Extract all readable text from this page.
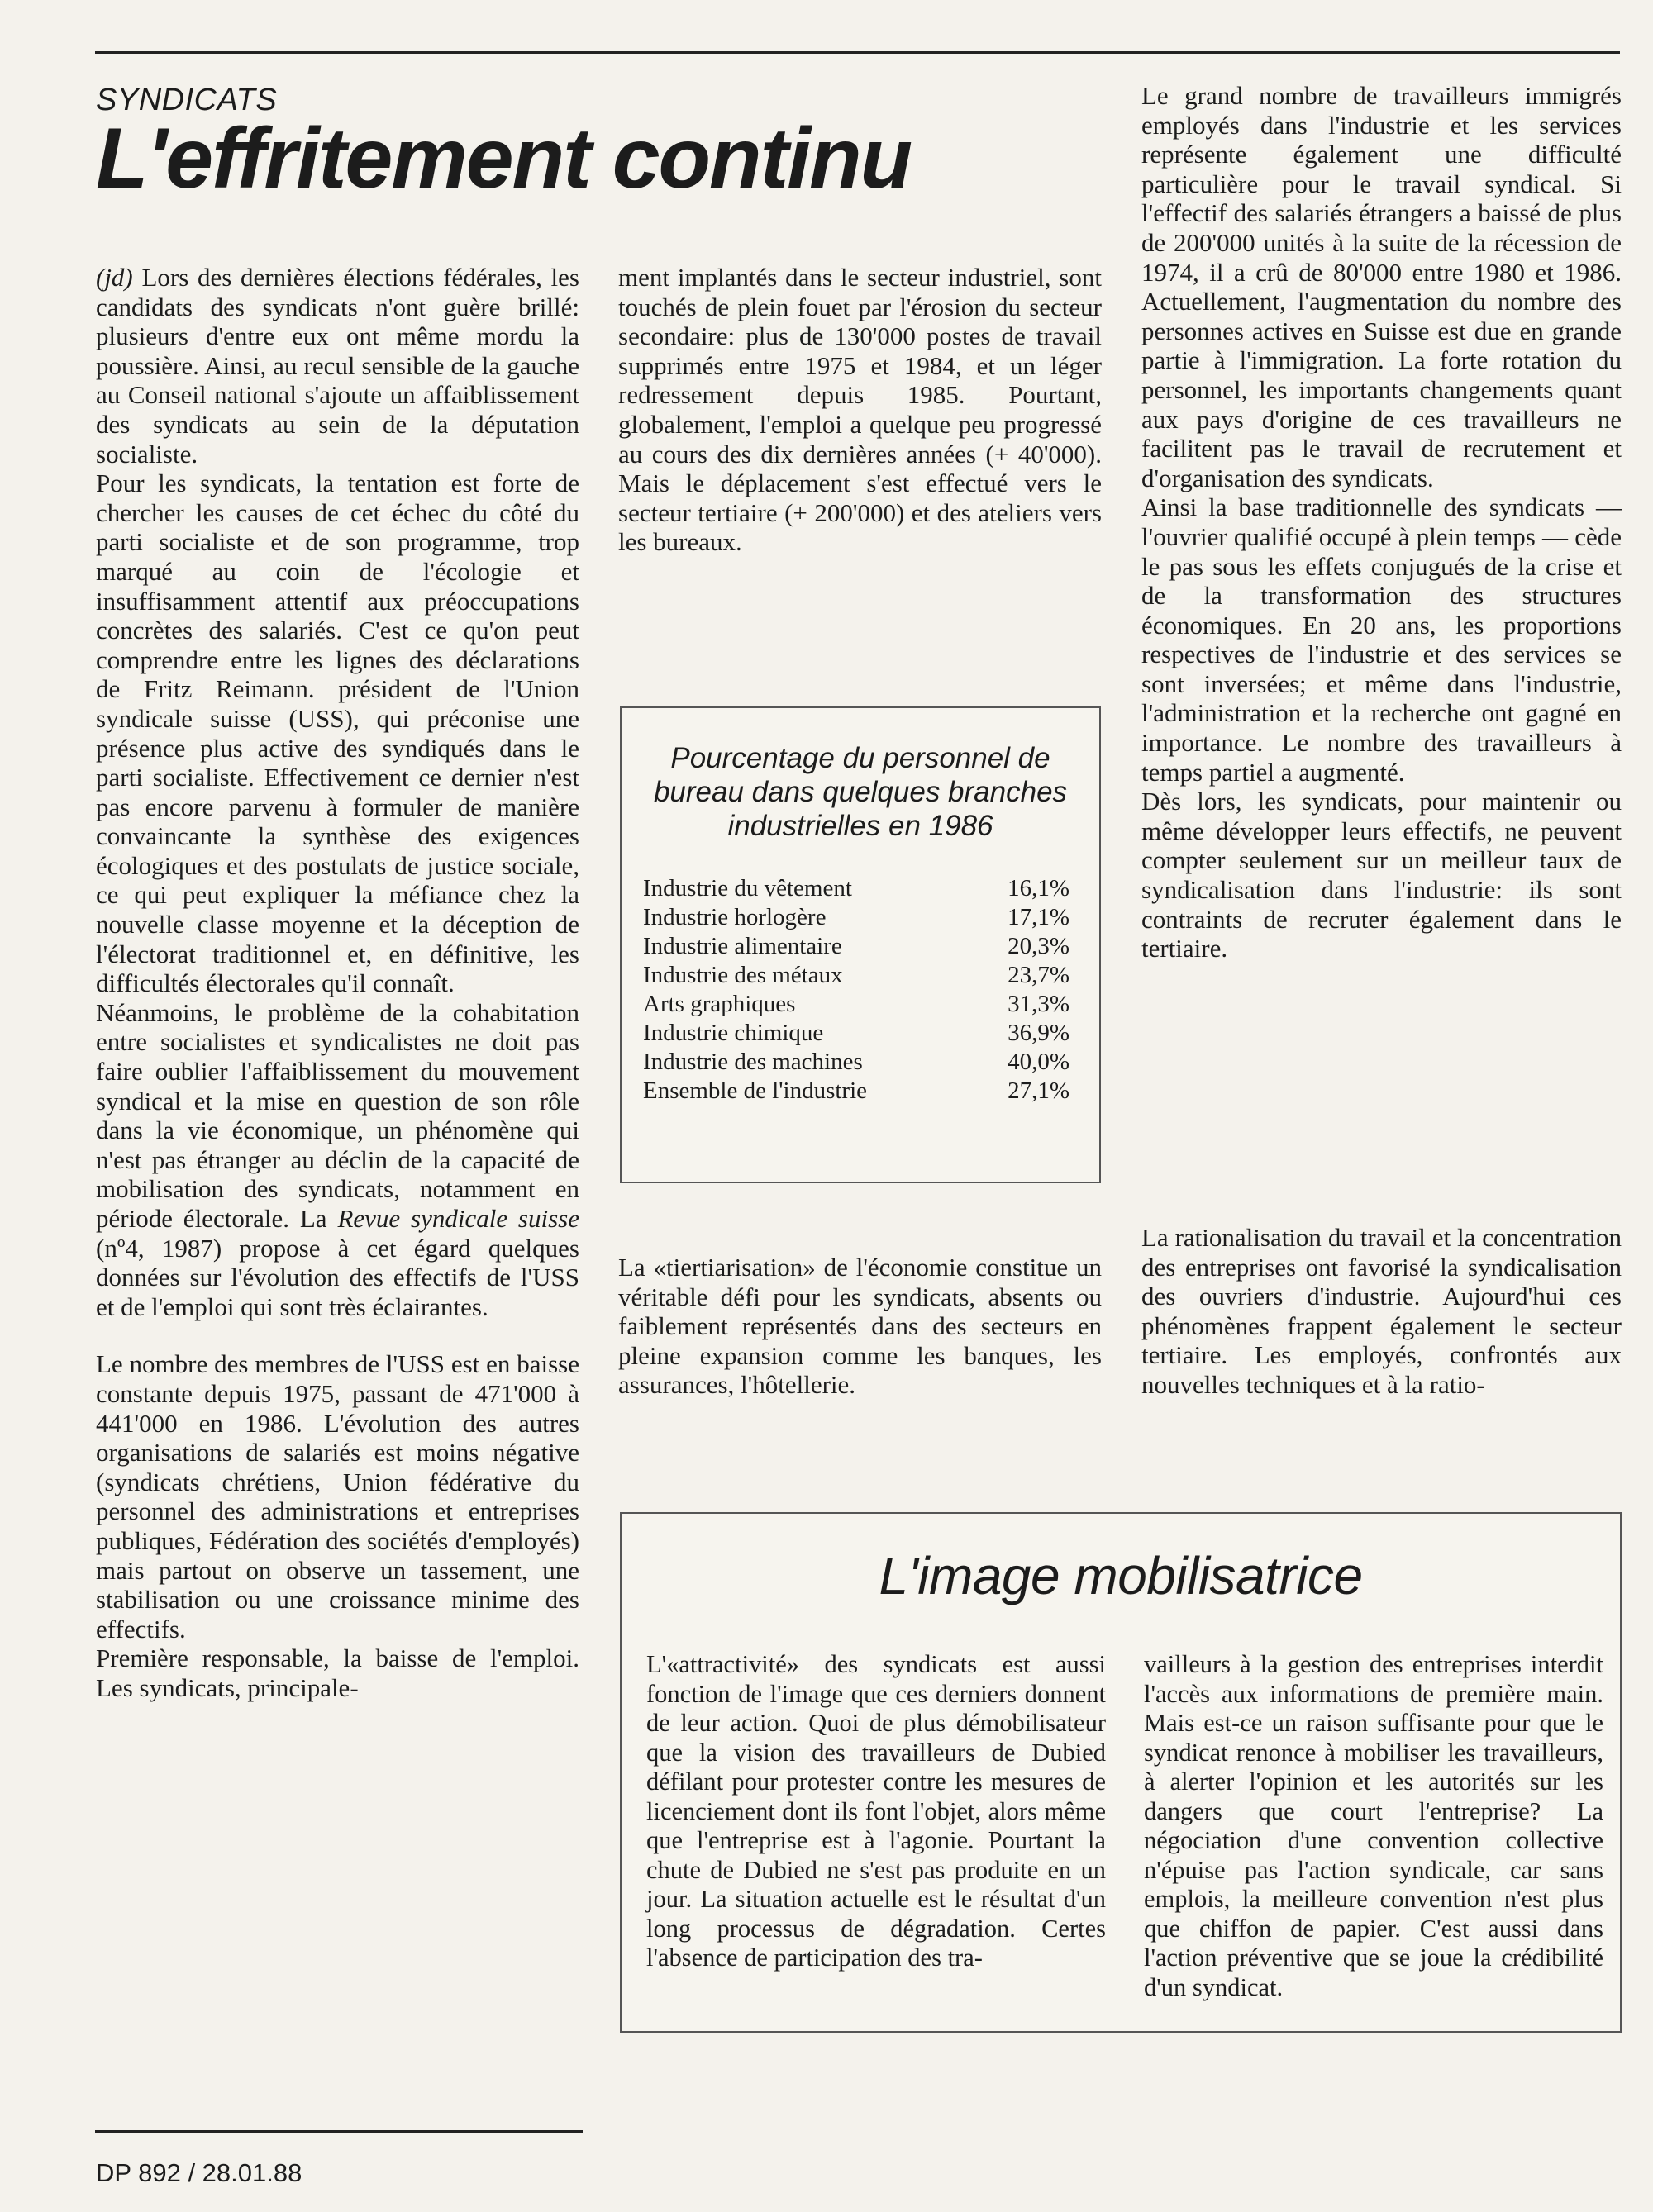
SYNDICATS
L'effritement continu

(jd) Lors des dernières élections fédérales, les candidats des syndicats n'ont guère brillé: plusieurs d'entre eux ont même mordu la poussière. Ainsi, au recul sensible de la gauche au Conseil national s'ajoute un affaiblissement des syndicats au sein de la députation socialiste.

Pour les syndicats, la tentation est forte de chercher les causes de cet échec du côté du parti socialiste et de son programme, trop marqué au coin de l'écologie et insuffisamment attentif aux préoccupations concrètes des salariés. C'est ce qu'on peut comprendre entre les lignes des déclarations de Fritz Reimann. président de l'Union syndicale suisse (USS), qui préconise une présence plus active des syndiqués dans le parti socialiste. Effectivement ce dernier n'est pas encore parvenu à formuler de manière convaincante la synthèse des exigences écologiques et des postulats de justice sociale, ce qui peut expliquer la méfiance chez la nouvelle classe moyenne et la déception de l'électorat traditionnel et, en définitive, les difficultés électorales qu'il connaît.

Néanmoins, le problème de la cohabitation entre socialistes et syndicalistes ne doit pas faire oublier l'affaiblissement du mouvement syndical et la mise en question de son rôle dans la vie économique, un phénomène qui n'est pas étranger au déclin de la capacité de mobilisation des syndicats, notamment en période électorale. La Revue syndicale suisse (nº4, 1987) propose à cet égard quelques données sur l'évolution des effectifs de l'USS et de l'emploi qui sont très éclairantes.

Le nombre des membres de l'USS est en baisse constante depuis 1975, passant de 471'000 à 441'000 en 1986. L'évolution des autres organisations de salariés est moins négative (syndicats chrétiens, Union fédérative du personnel des administrations et entreprises publiques, Fédération des sociétés d'employés) mais partout on observe un tassement, une stabilisation ou une croissance minime des effectifs.

Première responsable, la baisse de l'emploi. Les syndicats, principale-

ment implantés dans le secteur industriel, sont touchés de plein fouet par l'érosion du secteur secondaire: plus de 130'000 postes de travail supprimés entre 1975 et 1984, et un léger redressement depuis 1985. Pourtant, globalement, l'emploi a quelque peu progressé au cours des dix dernières années (+ 40'000). Mais le déplacement s'est effectué vers le secteur tertiaire (+ 200'000) et des ateliers vers les bureaux.

Pourcentage du personnel de bureau dans quelques branches industrielles en 1986
Industrie du vêtement	16,1%
Industrie horlogère	17,1%
Industrie alimentaire	20,3%
Industrie des métaux	23,7%
Arts graphiques	31,3%
Industrie chimique	36,9%
Industrie des machines	40,0%
Ensemble de l'industrie	27,1%

La «tiertiarisation» de l'économie constitue un véritable défi pour les syndicats, absents ou faiblement représentés dans des secteurs en pleine expansion comme les banques, les assurances, l'hôtellerie.

Le grand nombre de travailleurs immigrés employés dans l'industrie et les services représente également une difficulté particulière pour le travail syndical. Si l'effectif des salariés étrangers a baissé de plus de 200'000 unités à la suite de la récession de 1974, il a crû de 80'000 entre 1980 et 1986. Actuellement, l'augmentation du nombre des personnes actives en Suisse est due en grande partie à l'immigration. La forte rotation du personnel, les importants changements quant aux pays d'origine de ces travailleurs ne facilitent pas le travail de recrutement et d'organisation des syndicats.

Ainsi la base traditionnelle des syndicats — l'ouvrier qualifié occupé à plein temps — cède le pas sous les effets conjugués de la crise et de la transformation des structures économiques. En 20 ans, les proportions respectives de l'industrie et des services se sont inversées; et même dans l'industrie, l'administration et la recherche ont gagné en importance. Le nombre des travailleurs à temps partiel a augmenté.

Dès lors, les syndicats, pour maintenir ou même développer leurs effectifs, ne peuvent compter seulement sur un meilleur taux de syndicalisation dans l'industrie: ils sont contraints de recruter également dans le tertiaire.

La rationalisation du travail et la concentration des entreprises ont favorisé la syndicalisation des ouvriers d'industrie. Aujourd'hui ces phénomènes frappent également le secteur tertiaire. Les employés, confrontés aux nouvelles techniques et à la ratio-

L'image mobilisatrice
L'«attractivité» des syndicats est aussi fonction de l'image que ces derniers donnent de leur action. Quoi de plus démobilisateur que la vision des travailleurs de Dubied défilant pour protester contre les mesures de licenciement dont ils font l'objet, alors même que l'entreprise est à l'agonie. Pourtant la chute de Dubied ne s'est pas produite en un jour. La situation actuelle est le résultat d'un long processus de dégradation. Certes l'absence de participation des tra-
vailleurs à la gestion des entreprises interdit l'accès aux informations de première main. Mais est-ce un raison suffisante pour que le syndicat renonce à mobiliser les travailleurs, à alerter l'opinion et les autorités sur les dangers que court l'entreprise? La négociation d'une convention collective n'épuise pas l'action syndicale, car sans emplois, la meilleure convention n'est plus que chiffon de papier. C'est aussi dans l'action préventive que se joue la crédibilité d'un syndicat.
DP 892 / 28.01.88
